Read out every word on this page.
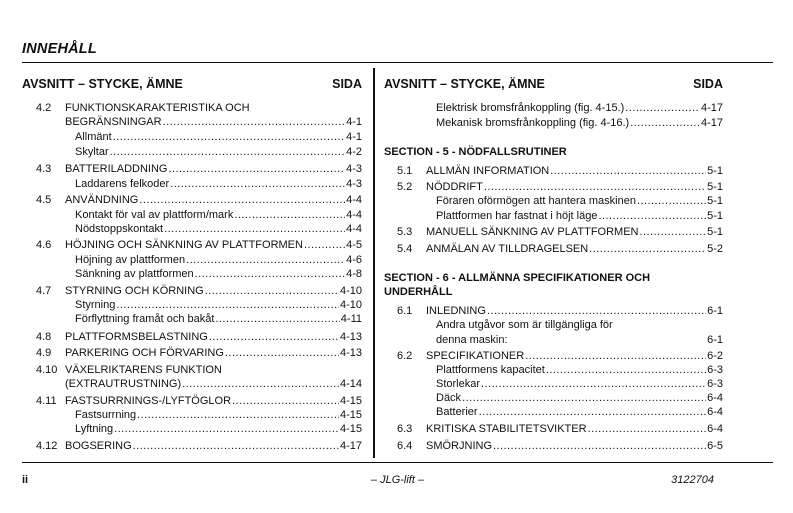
INNEHÅLL
AVSNITT – STYCKE, ÄMNE	SIDA
4.2 FUNKTIONSKARAKTERISTIKA OCH
BEGRÄNSNINGAR . . .	4-1
Allmänt . . .	4-1
Skyltar . . .	4-2
4.3 BATTERILADDNING . . .	4-3
Laddarens felkoder . . .	4-3
4.5 ANVÄNDNING . . .	4-4
Kontakt för val av plattform/mark . . .	4-4
Nödstoppskontakt . . .	4-4
4.6 HÖJNING OCH SÄNKNING AV PLATTFORMEN . . .	4-5
Höjning av plattformen . . .	4-6
Sänkning av plattformen . . .	4-8
4.7 STYRNING OCH KÖRNING . . .	4-10
Styrning . . .	4-10
Förflyttning framåt och bakåt . . .	4-11
4.8 PLATTFORMSBELASTNING . . .	4-13
4.9 PARKERING OCH FÖRVARING . . .	4-13
4.10 VÄXELRIKTARENS FUNKTION
(EXTRAUTRUSTNING) . . .	4-14
4.11 FASTSURRNINGS-/LYFTÖGLOR . . .	4-15
Fastsurrning . . .	4-15
Lyftning . . .	4-15
4.12 BOGSERING . . .	4-17
AVSNITT – STYCKE, ÄMNE	SIDA
Elektrisk bromsfrånkoppling (fig. 4-15.) . . .	4-17
Mekanisk bromsfrånkoppling (fig. 4-16.) . . .	4-17
SECTION - 5 - NÖDFALLSRUTINER
5.1 ALLMÄN INFORMATION . . .	5-1
5.2 NÖDDRIFT . . .	5-1
Föraren oförmögen att hantera maskinen . . .	5-1
Plattformen har fastnat i höjt läge . . .	5-1
5.3 MANUELL SÄNKNING AV PLATTFORMEN . . .	5-1
5.4 ANMÄLAN AV TILLDRAGELSEN . . .	5-2
SECTION - 6 - ALLMÄNNA SPECIFIKATIONER OCH
UNDERHÅLL
6.1 INLEDNING . . .	6-1
Andra utgåvor som är tillgängliga för
denna maskin:	6-1
6.2 SPECIFIKATIONER . . .	6-2
Plattformens kapacitet . . .	6-3
Storlekar . . .	6-3
Däck . . .	6-4
Batterier . . .	6-4
6.3 KRITISKA STABILITETSVIKTER . . .	6-4
6.4 SMÖRJNING . . .	6-5
ii	– JLG-lift –	3122704
